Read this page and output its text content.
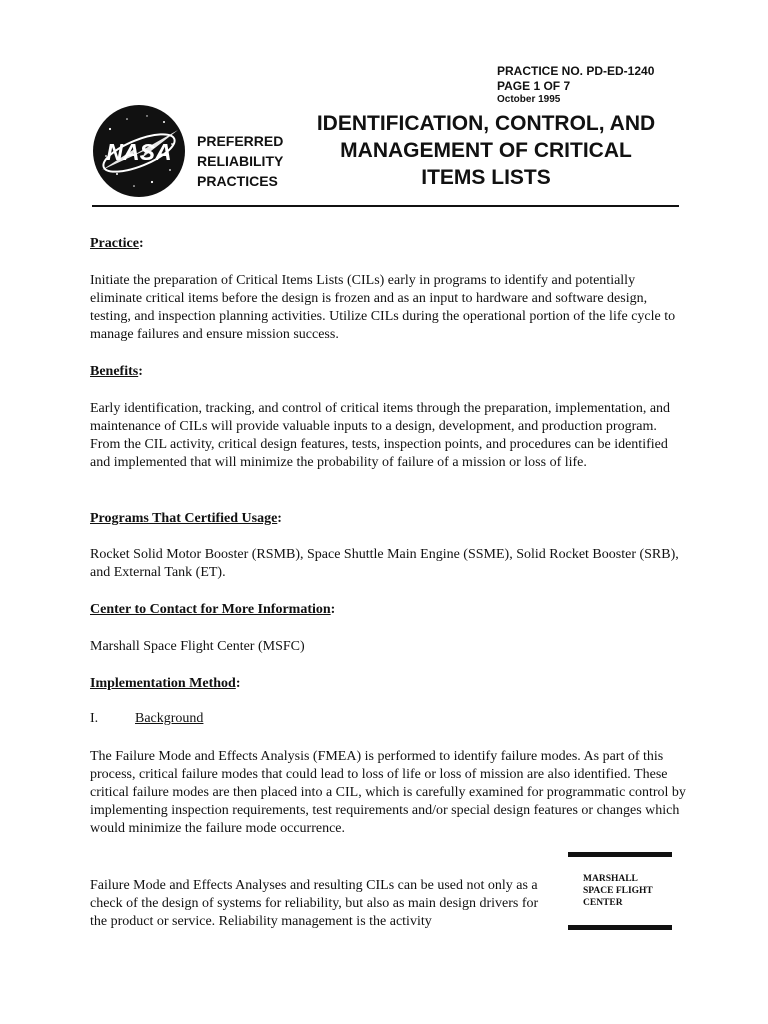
PRACTICE NO. PD-ED-1240
PAGE 1 OF 7
October 1995
NASA PREFERRED
RELIABILITY
PRACTICES
IDENTIFICATION, CONTROL, AND
MANAGEMENT OF CRITICAL
ITEMS LISTS
Practice:
Initiate the preparation of Critical Items Lists (CILs) early in programs to identify and potentially eliminate critical items before the design is frozen and as an input to hardware and software design, testing, and inspection planning activities. Utilize CILs during the operational portion of the life cycle to manage failures and ensure mission success.
Benefits:
Early identification, tracking, and control of critical items through the preparation, implementation, and maintenance of CILs will provide valuable inputs to a design, development, and production program. From the CIL activity, critical design features, tests, inspection points, and procedures can be identified and implemented that will minimize the probability of failure of a mission or loss of life.
Programs That Certified Usage:
Rocket Solid Motor Booster (RSMB), Space Shuttle Main Engine (SSME), Solid Rocket Booster (SRB), and External Tank (ET).
Center to Contact for More Information:
Marshall Space Flight Center (MSFC)
Implementation Method:
I.	Background
The Failure Mode and Effects Analysis (FMEA) is performed to identify failure modes. As part of this process, critical failure modes that could lead to loss of life or loss of mission are also identified. These critical failure modes are then placed into a CIL, which is carefully examined for programmatic control by implementing inspection requirements, test requirements and/or special design features or changes which would minimize the failure mode occurrence.
Failure Mode and Effects Analyses and resulting CILs can be used not only as a check of the design of systems for reliability, but also as main design drivers for the product or service. Reliability management is the activity
MARSHALL
SPACE FLIGHT
CENTER
